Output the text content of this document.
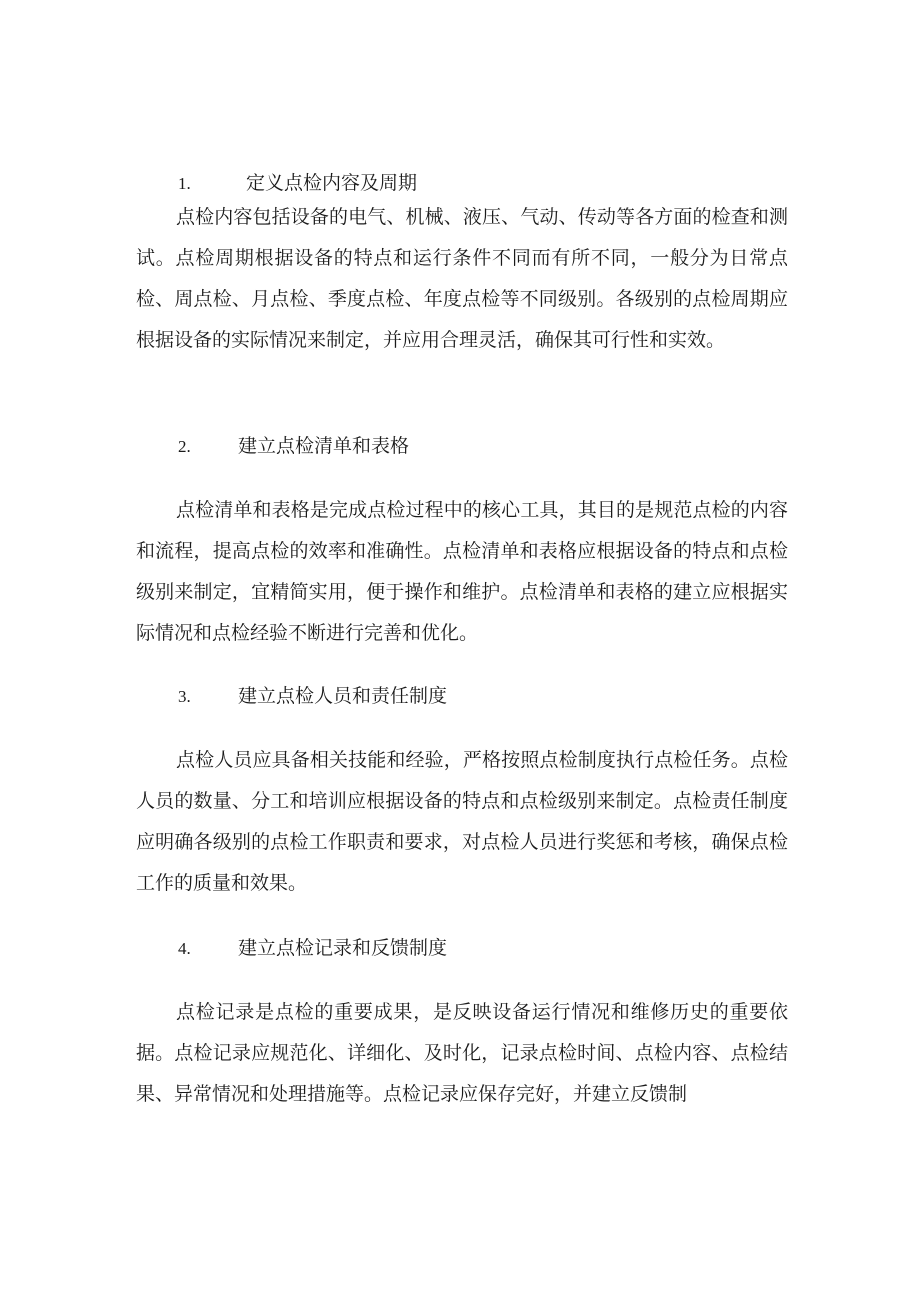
1.	定义点检内容及周期

点检内容包括设备的电气、机械、液压、气动、传动等各方面的检查和测试。点检周期根据设备的特点和运行条件不同而有所不同，一般分为日常点检、周点检、月点检、季度点检、年度点检等不同级别。各级别的点检周期应根据设备的实际情况来制定，并应用合理灵活，确保其可行性和实效。

2. 建立点检清单和表格

点检清单和表格是完成点检过程中的核心工具，其目的是规范点检的内容和流程，提高点检的效率和准确性。点检清单和表格应根据设备的特点和点检级别来制定，宜精简实用，便于操作和维护。点检清单和表格的建立应根据实际情况和点检经验不断进行完善和优化。

3. 建立点检人员和责任制度

点检人员应具备相关技能和经验，严格按照点检制度执行点检任务。点检人员的数量、分工和培训应根据设备的特点和点检级别来制定。点检责任制度应明确各级别的点检工作职责和要求，对点检人员进行奖惩和考核，确保点检工作的质量和效果。

4. 建立点检记录和反馈制度

点检记录是点检的重要成果，是反映设备运行情况和维修历史的重要依据。点检记录应规范化、详细化、及时化，记录点检时间、点检内容、点检结果、异常情况和处理措施等。点检记录应保存完好，并建立反馈制
